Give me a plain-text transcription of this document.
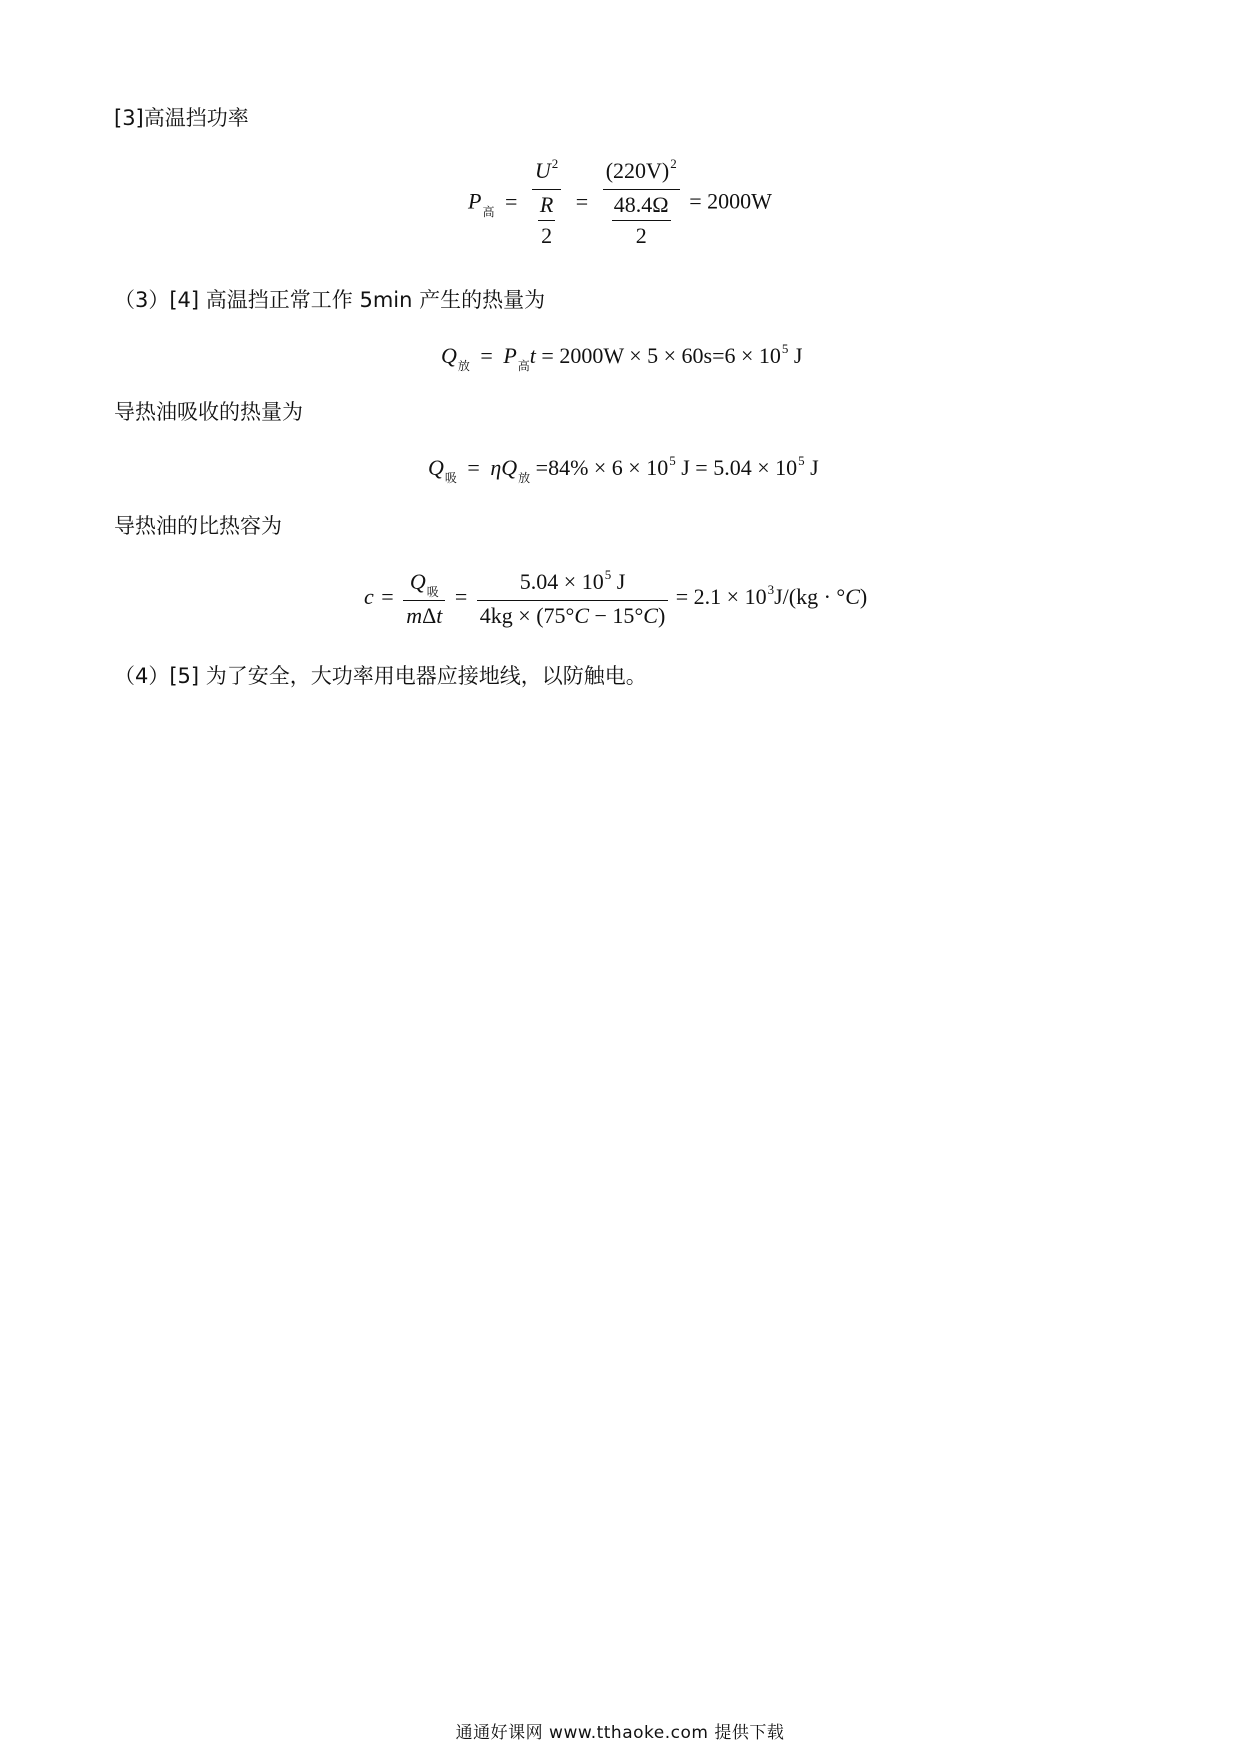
[3]高温挡功率
$P_高 = \frac{U^2}{\frac{R}{2}} = \frac{(220V)^2}{\frac{48.4\Omega}{2}} = 2000W$
（3）[4] 高温挡正常工作 5min 产生的热量为
$Q_放 = P_高t = 2000W \times 5 \times 60s=6 \times 10^5$ J
导热油吸收的热量为
$Q_吸 = \eta Q_放 =84\% \times 6 \times 10^5$ $J = 5.04 \times 10^5$ J
导热油的比热容为
$c = \frac{Q_吸}{\text{mΔt}} = \frac{5.04 \times 10^5 J}{4kg \times (75^\circ C - 15^\circ C)} = 2.1 \times 10^3J/(kg \cdot ^\circ C)$
（4）[5] 为了安全，大功率用电器应接地线，以防触电。
通通好课网 www.tthaoke.com 提供下载
